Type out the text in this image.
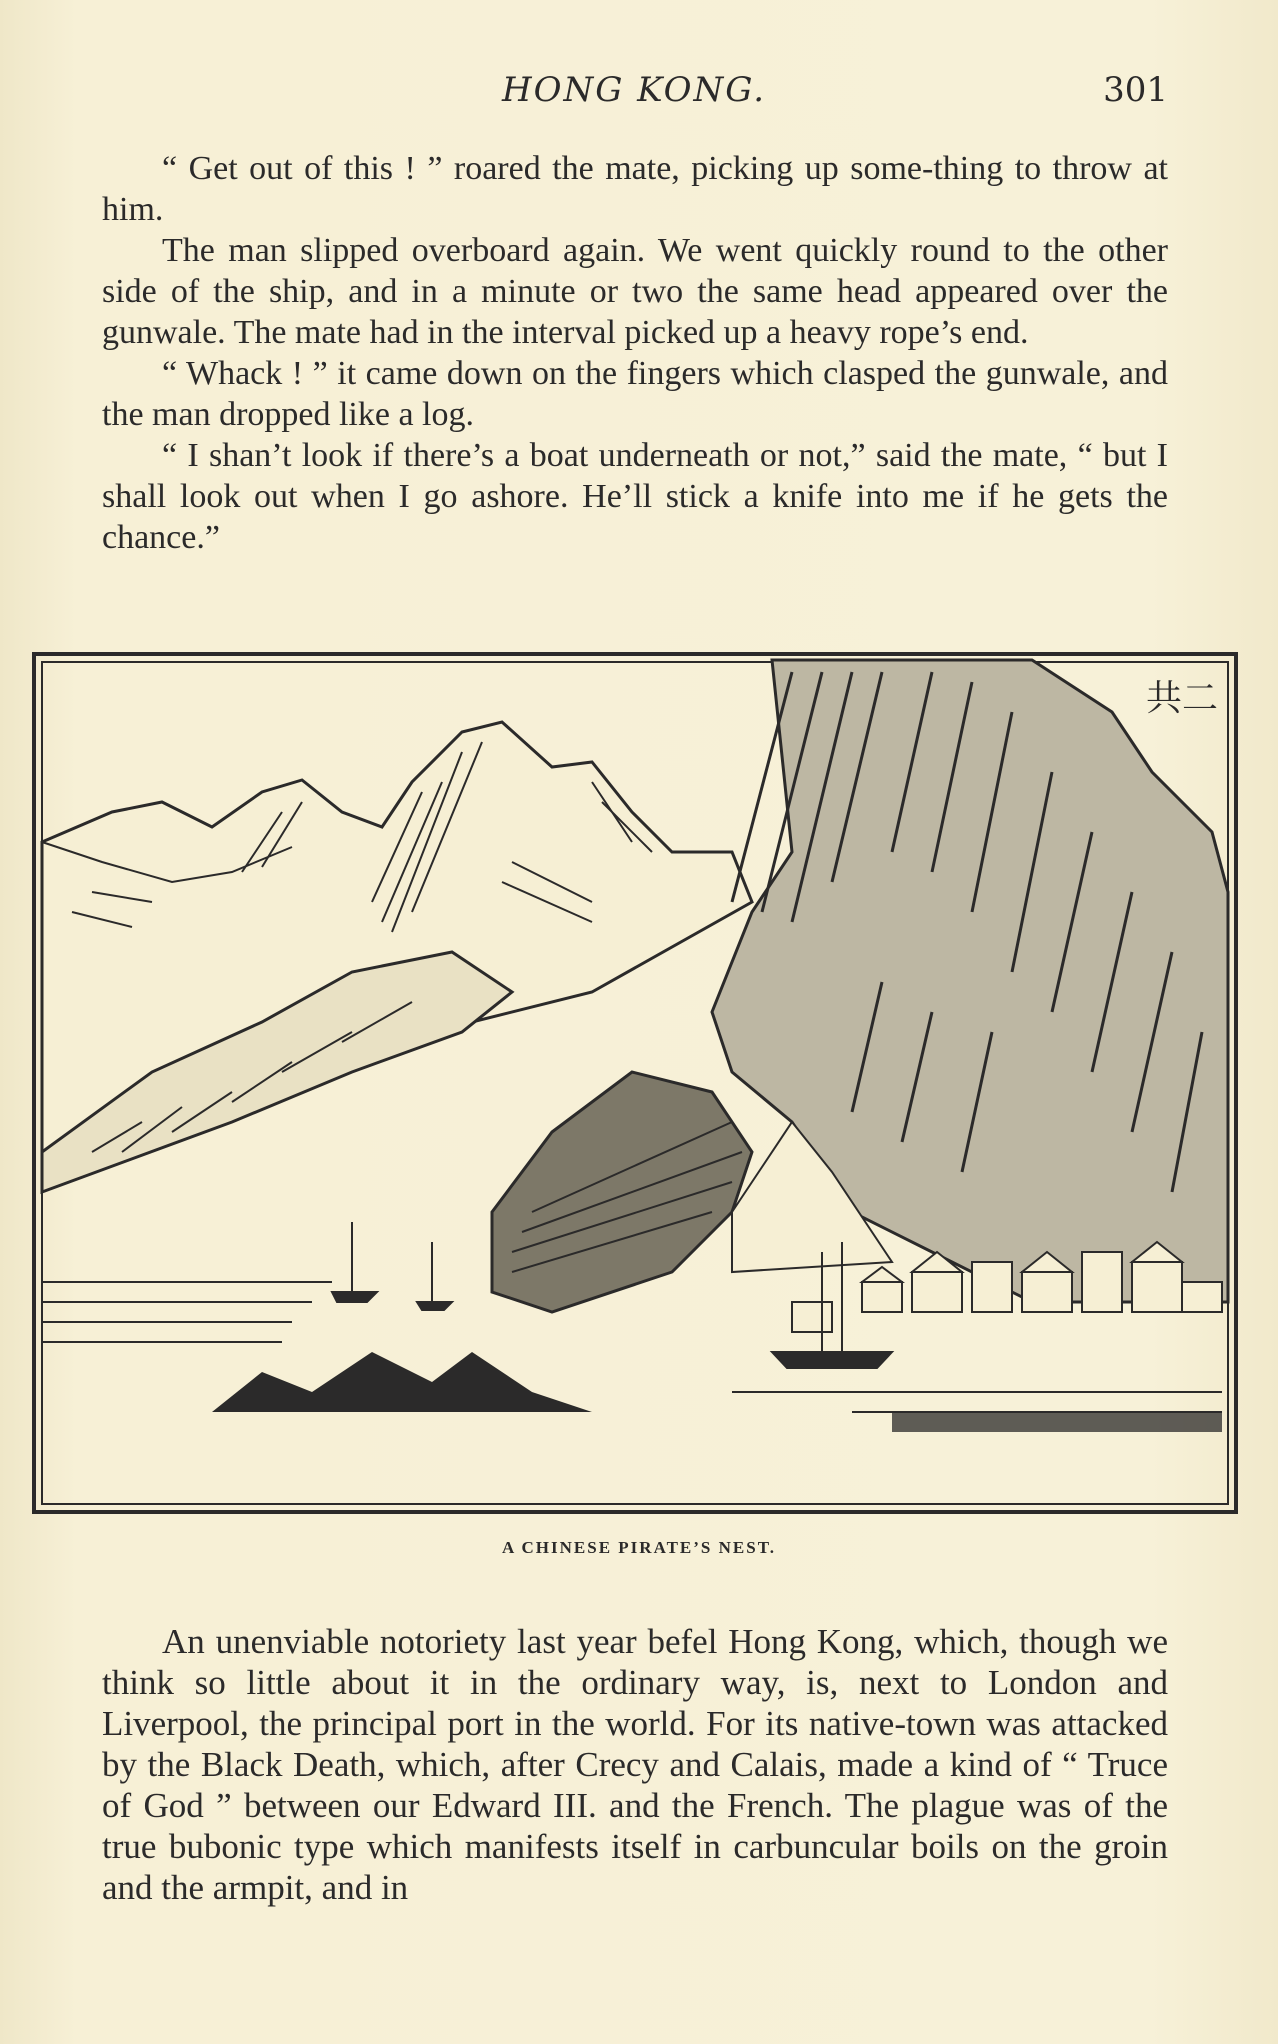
HONG KONG.	301

“ Get out of this ! ” roared the mate, picking up some-thing to throw at him.

The man slipped overboard again. We went quickly round to the other side of the ship, and in a minute or two the same head appeared over the gunwale. The mate had in the interval picked up a heavy rope’s end.

“ Whack ! ” it came down on the fingers which clasped the gunwale, and the man dropped like a log.

“ I shan’t look if there’s a boat underneath or not,” said the mate, “ but I shall look out when I go ashore. He’ll stick a knife into me if he gets the chance.”

共二
A CHINESE PIRATE’S NEST.

An unenviable notoriety last year befel Hong Kong, which, though we think so little about it in the ordinary way, is, next to London and Liverpool, the principal port in the world. For its native-town was attacked by the Black Death, which, after Crecy and Calais, made a kind of “ Truce of God ” between our Edward III. and the French. The plague was of the true bubonic type which manifests itself in carbuncular boils on the groin and the armpit, and in
